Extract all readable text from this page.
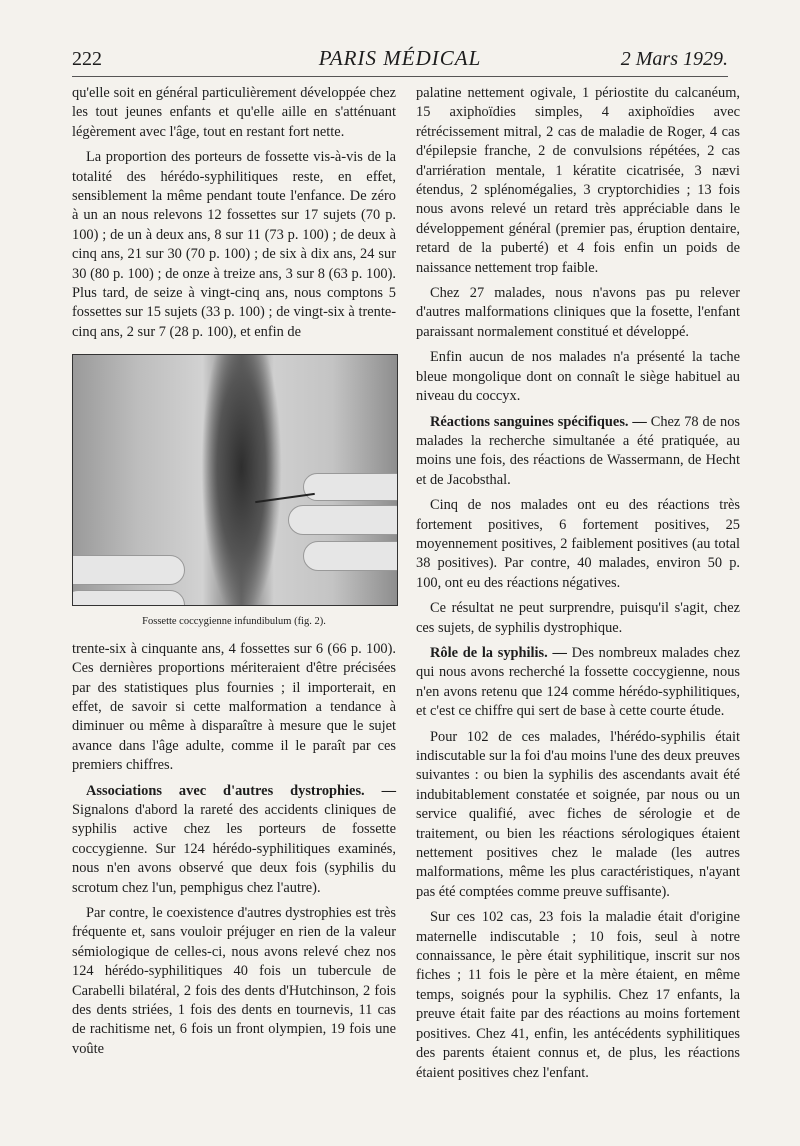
222	PARIS MÉDICAL	2 Mars 1929.

qu'elle soit en général particulièrement développée chez les tout jeunes enfants et qu'elle aille en s'atténuant légèrement avec l'âge, tout en restant fort nette.

La proportion des porteurs de fossette vis-à-vis de la totalité des hérédo-syphilitiques reste, en effet, sensiblement la même pendant toute l'enfance. De zéro à un an nous relevons 12 fossettes sur 17 sujets (70 p. 100) ; de un à deux ans, 8 sur 11 (73 p. 100) ; de deux à cinq ans, 21 sur 30 (70 p. 100) ; de six à dix ans, 24 sur 30 (80 p. 100) ; de onze à treize ans, 3 sur 8 (63 p. 100). Plus tard, de seize à vingt-cinq ans, nous comptons 5 fossettes sur 15 sujets (33 p. 100) ; de vingt-six à trente-cinq ans, 2 sur 7 (28 p. 100), et enfin de

Fossette coccygienne infundibulum (fig. 2).

trente-six à cinquante ans, 4 fossettes sur 6 (66 p. 100). Ces dernières proportions mériteraient d'être précisées par des statistiques plus fournies ; il importerait, en effet, de savoir si cette malformation a tendance à diminuer ou même à disparaître à mesure que le sujet avance dans l'âge adulte, comme il le paraît par ces premiers chiffres.

Associations avec d'autres dystrophies. — Signalons d'abord la rareté des accidents cliniques de syphilis active chez les porteurs de fossette coccygienne. Sur 124 hérédo-syphilitiques examinés, nous n'en avons observé que deux fois (syphilis du scrotum chez l'un, pemphigus chez l'autre).

Par contre, le coexistence d'autres dystrophies est très fréquente et, sans vouloir préjuger en rien de la valeur sémiologique de celles-ci, nous avons relevé chez nos 124 hérédo-syphilitiques 40 fois un tubercule de Carabelli bilatéral, 2 fois des dents d'Hutchinson, 2 fois des dents striées, 1 fois des dents en tournevis, 11 cas de rachitisme net, 6 fois un front olympien, 19 fois une voûte

palatine nettement ogivale, 1 périostite du calcanéum, 15 axiphoïdies simples, 4 axiphoïdies avec rétrécissement mitral, 2 cas de maladie de Roger, 4 cas d'épilepsie franche, 2 de convulsions répétées, 2 cas d'arriération mentale, 1 kératite cicatrisée, 3 nævi étendus, 2 splénomégalies, 3 cryptorchidies ; 13 fois nous avons relevé un retard très appréciable dans le développement général (premier pas, éruption dentaire, retard de la puberté) et 4 fois enfin un poids de naissance nettement trop faible.

Chez 27 malades, nous n'avons pas pu relever d'autres malformations cliniques que la fosette, l'enfant paraissant normalement constitué et développé.

Enfin aucun de nos malades n'a présenté la tache bleue mongolique dont on connaît le siège habituel au niveau du coccyx.

Réactions sanguines spécifiques. — Chez 78 de nos malades la recherche simultanée a été pratiquée, au moins une fois, des réactions de Wassermann, de Hecht et de Jacobsthal.

Cinq de nos malades ont eu des réactions très fortement positives, 6 fortement positives, 25 moyennement positives, 2 faiblement positives (au total 38 positives). Par contre, 40 malades, environ 50 p. 100, ont eu des réactions négatives.

Ce résultat ne peut surprendre, puisqu'il s'agit, chez ces sujets, de syphilis dystrophique.

Rôle de la syphilis. — Des nombreux malades chez qui nous avons recherché la fossette coccygienne, nous n'en avons retenu que 124 comme hérédo-syphilitiques, et c'est ce chiffre qui sert de base à cette courte étude.

Pour 102 de ces malades, l'hérédo-syphilis était indiscutable sur la foi d'au moins l'une des deux preuves suivantes : ou bien la syphilis des ascendants avait été indubitablement constatée et soignée, par nous ou un service qualifié, avec fiches de sérologie et de traitement, ou bien les réactions sérologiques étaient nettement positives chez le malade (les autres malformations, même les plus caractéristiques, n'ayant pas été comptées comme preuve suffisante).

Sur ces 102 cas, 23 fois la maladie était d'origine maternelle indiscutable ; 10 fois, seul à notre connaissance, le père était syphilitique, inscrit sur nos fiches ; 11 fois le père et la mère étaient, en même temps, soignés pour la syphilis. Chez 17 enfants, la preuve était faite par des réactions au moins fortement positives. Chez 41, enfin, les antécédents syphilitiques des parents étaient connus et, de plus, les réactions étaient positives chez l'enfant.
